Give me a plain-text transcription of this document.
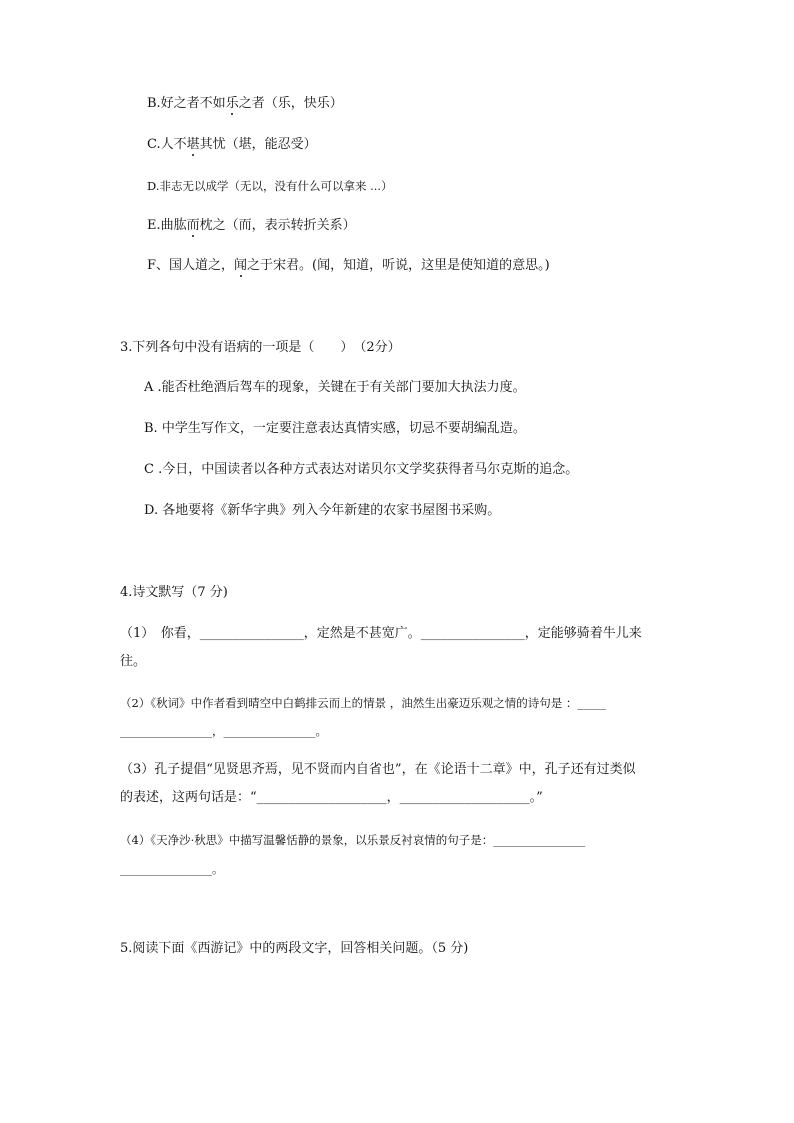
B.好之者不如乐之者（乐，快乐）
C.人不堪其忧（堪，能忍受）
D.非志无以成学（无以，没有什么可以拿来 ...）
E.曲肱而枕之（而，表示转折关系）
F、国人道之，闻之于宋君。(闻，知道，听说，这里是使知道的意思。)
3.下列各句中没有语病的一项是（　　）　（2分）
A .能否杜绝酒后驾车的现象，关键在于有关部门要加大执法力度。
B. 中学生写作文，一定要注意表达真情实感，切忌不要胡编乱造。
C .今日，中国读者以各种方式表达对诺贝尔文学奖获得者马尔克斯的追念。
D. 各地要将《新华字典》列入今年新建的农家书屋图书采购。
4.诗文默写（7 分)
（1）　你看，________________，定然是不甚宽广。________________，定能够骑着牛儿来
往。
（2）《秋词》中作者看到晴空中白鹤排云而上的情景 ，油然生出豪迈乐观之情的诗句是 ：_____
________________，________________。
（3）孔子提倡“见贤思齐焉，见不贤而内自省也”，在《论语十二章》中，孔子还有过类似
的表述，这两句话是：“____________________，____________________。”
（4）《天净沙·秋思》中描写温馨恬静的景象，以乐景反衬哀情的句子是：________________
________________。
5.阅读下面《西游记》中的两段文字，回答相关问题。（5 分)
